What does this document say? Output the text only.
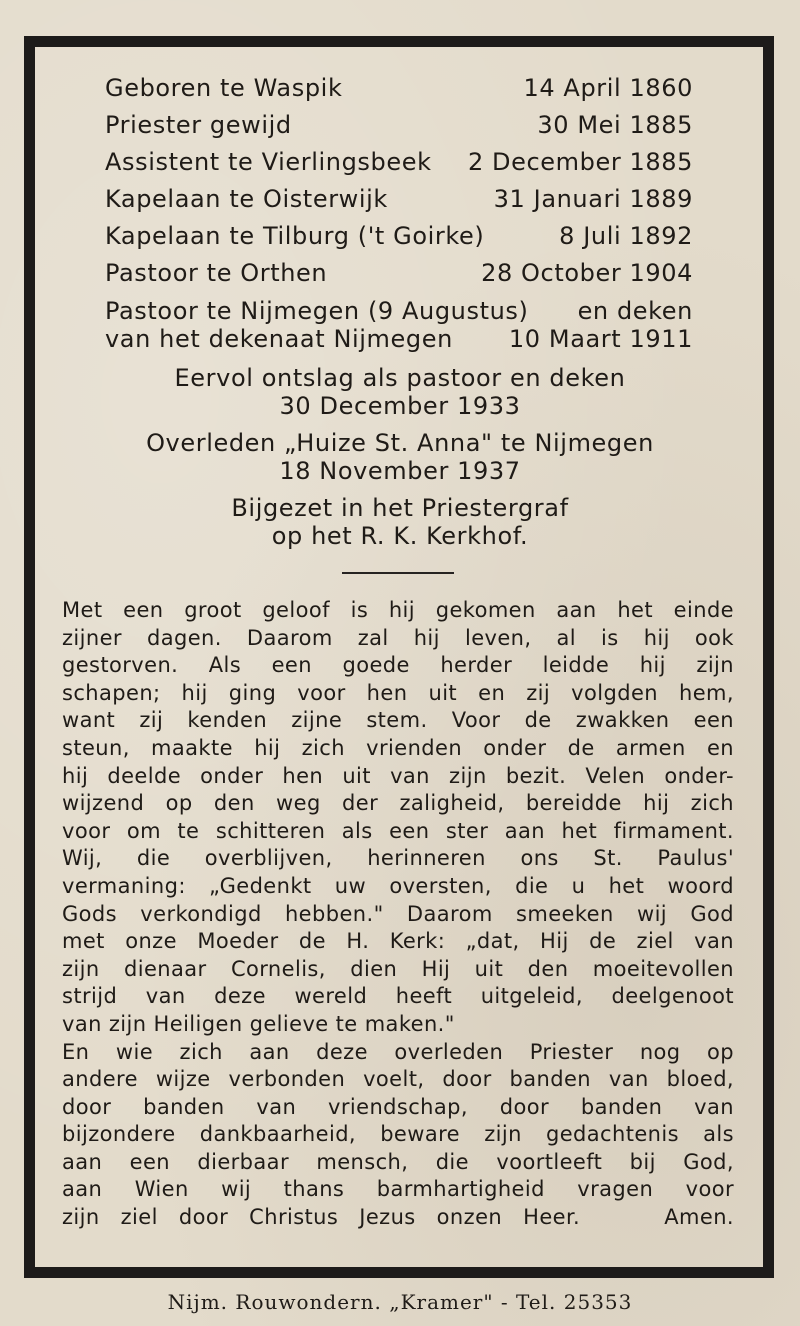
Geboren te Waspik	14 April 1860
Priester gewijd	30 Mei 1885
Assistent te Vierlingsbeek 2 December 1885
Kapelaan te Oisterwijk	31 Januari 1889
Kapelaan te Tilburg ('t Goirke)	8 Juli 1892
Pastoor te Orthen	28 October 1904
Pastoor te Nijmegen (9 Augustus) en deken
van het dekenaat Nijmegen 10 Maart 1911
Eervol ontslag als pastoor en deken
30 December 1933
Overleden „Huize St. Anna" te Nijmegen
18 November 1937
Bijgezet in het Priestergraf
op het R. K. Kerkhof.
Met een groot geloof is hij gekomen aan het einde
zijner dagen. Daarom zal hij leven, al is hij ook
gestorven. Als een goede herder leidde hij zijn
schapen; hij ging voor hen uit en zij volgden hem,
want zij kenden zijne stem. Voor de zwakken een
steun, maakte hij zich vrienden onder de armen en
hij deelde onder hen uit van zijn bezit. Velen onder-
wijzend op den weg der zaligheid, bereidde hij zich
voor om te schitteren als een ster aan het firmament.
Wij, die overblijven, herinneren ons St. Paulus'
vermaning: „Gedenkt uw oversten, die u het woord
Gods verkondigd hebben." Daarom smeeken wij God
met onze Moeder de H. Kerk: „dat, Hij de ziel van
zijn dienaar Cornelis, dien Hij uit den moeitevollen
strijd van deze wereld heeft uitgeleid, deelgenoot
van zijn Heiligen gelieve te maken."
En wie zich aan deze overleden Priester nog op
andere wijze verbonden voelt, door banden van bloed,
door banden van vriendschap, door banden van
bijzondere dankbaarheid, beware zijn gedachtenis als
aan een dierbaar mensch, die voortleeft bij God,
aan Wien wij thans barmhartigheid vragen voor
zijn ziel door Christus Jezus onzen Heer.    Amen.
Nijm. Rouwondern. „Kramer" - Tel. 25353
